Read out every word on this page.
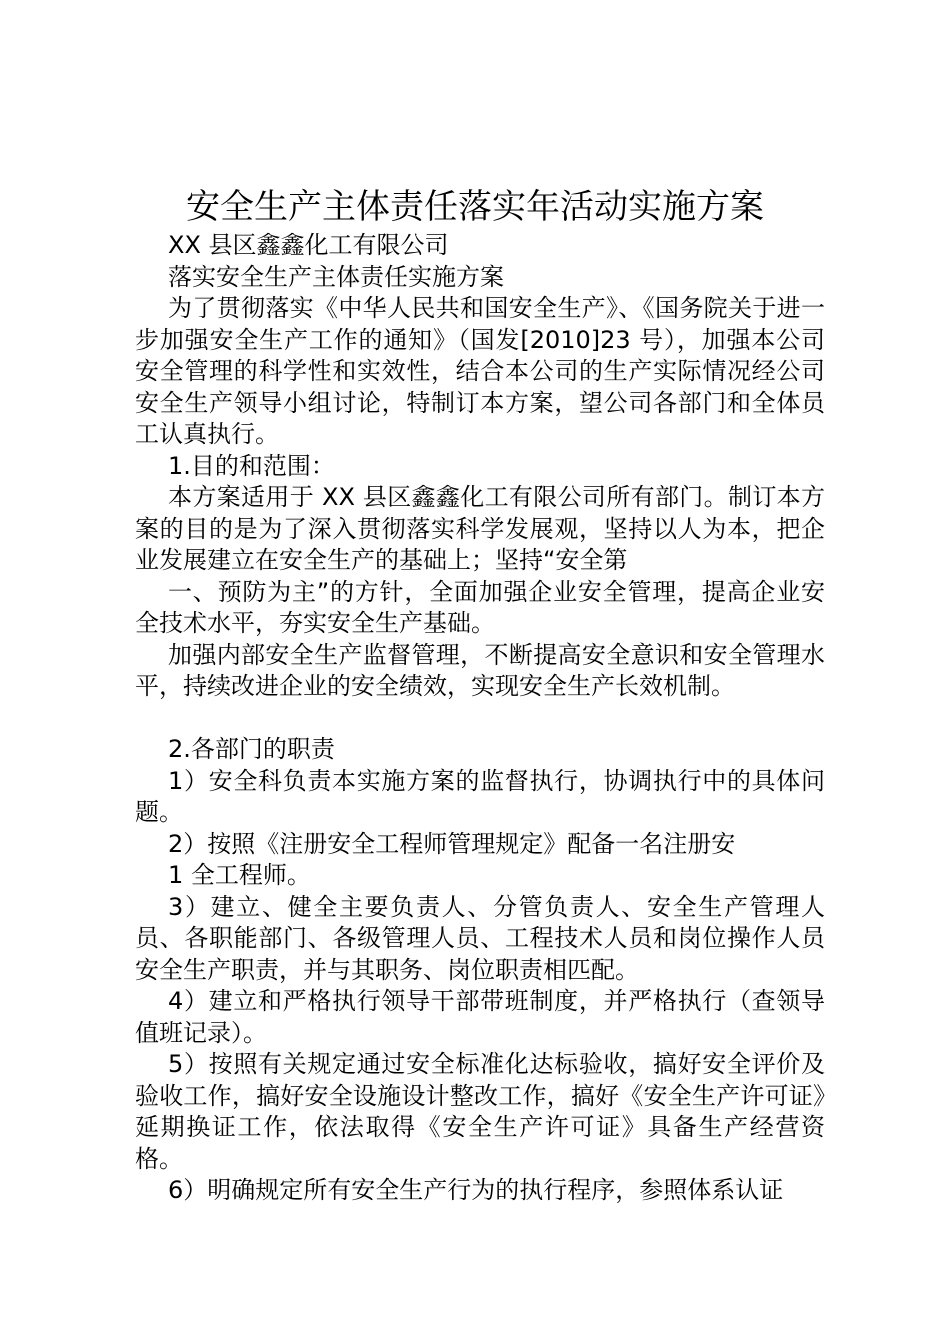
安全生产主体责任落实年活动实施方案

XX 县区鑫鑫化工有限公司

落实安全生产主体责任实施方案

为了贯彻落实《中华人民共和国安全生产》、《国务院关于进一步加强安全生产工作的通知》（国发[2010]23 号），加强本公司安全管理的科学性和实效性，结合本公司的生产实际情况经公司安全生产领导小组讨论，特制订本方案，望公司各部门和全体员工认真执行。

1.目的和范围：

本方案适用于 XX 县区鑫鑫化工有限公司所有部门。制订本方案的目的是为了深入贯彻落实科学发展观，坚持以人为本，把企业发展建立在安全生产的基础上；坚持“安全第

一、预防为主”的方针，全面加强企业安全管理，提高企业安全技术水平，夯实安全生产基础。

加强内部安全生产监督管理，不断提高安全意识和安全管理水平，持续改进企业的安全绩效，实现安全生产长效机制。

2.各部门的职责

1）安全科负责本实施方案的监督执行，协调执行中的具体问题。

2）按照《注册安全工程师管理规定》配备一名注册安

1 全工程师。

3）建立、健全主要负责人、分管负责人、安全生产管理人员、各职能部门、各级管理人员、工程技术人员和岗位操作人员安全生产职责，并与其职务、岗位职责相匹配。

4）建立和严格执行领导干部带班制度，并严格执行（查领导值班记录）。

5）按照有关规定通过安全标准化达标验收，搞好安全评价及验收工作，搞好安全设施设计整改工作，搞好《安全生产许可证》延期换证工作，依法取得《安全生产许可证》具备生产经营资格。

6）明确规定所有安全生产行为的执行程序，参照体系认证
